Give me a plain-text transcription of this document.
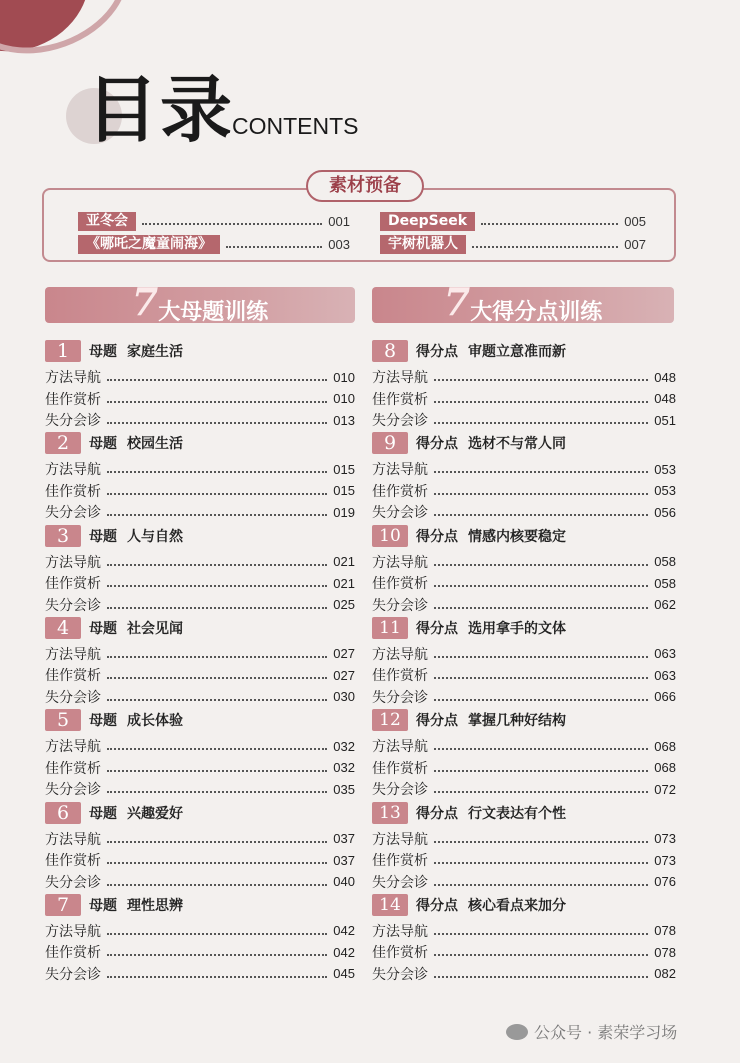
目录
CONTENTS
素材预备
亚冬会	001
《哪吒之魔童闹海》	003
DeepSeek	005
宇树机器人	007
7大母题训练	7大得分点训练
1	母题 家庭生活
方法导航	010
佳作赏析	010
失分会诊	013
2	母题 校园生活
方法导航	015
佳作赏析	015
失分会诊	019
3	母题 人与自然
方法导航	021
佳作赏析	021
失分会诊	025
4	母题 社会见闻
方法导航	027
佳作赏析	027
失分会诊	030
5	母题 成长体验
方法导航	032
佳作赏析	032
失分会诊	035
6	母题 兴趣爱好
方法导航	037
佳作赏析	037
失分会诊	040
7	母题 理性思辨
方法导航	042
佳作赏析	042
失分会诊	045
8	得分点 审题立意准而新
方法导航	048
佳作赏析	048
失分会诊	051
9	得分点 选材不与常人同
方法导航	053
佳作赏析	053
失分会诊	056
10	得分点 情感内核要稳定
方法导航	058
佳作赏析	058
失分会诊	062
11	得分点 选用拿手的文体
方法导航	063
佳作赏析	063
失分会诊	066
12	得分点 掌握几种好结构
方法导航	068
佳作赏析	068
失分会诊	072
13	得分点 行文表达有个性
方法导航	073
佳作赏析	073
失分会诊	076
14	得分点 核心看点来加分
方法导航	078
佳作赏析	078
失分会诊	082
公众号 · 素荣学习场
